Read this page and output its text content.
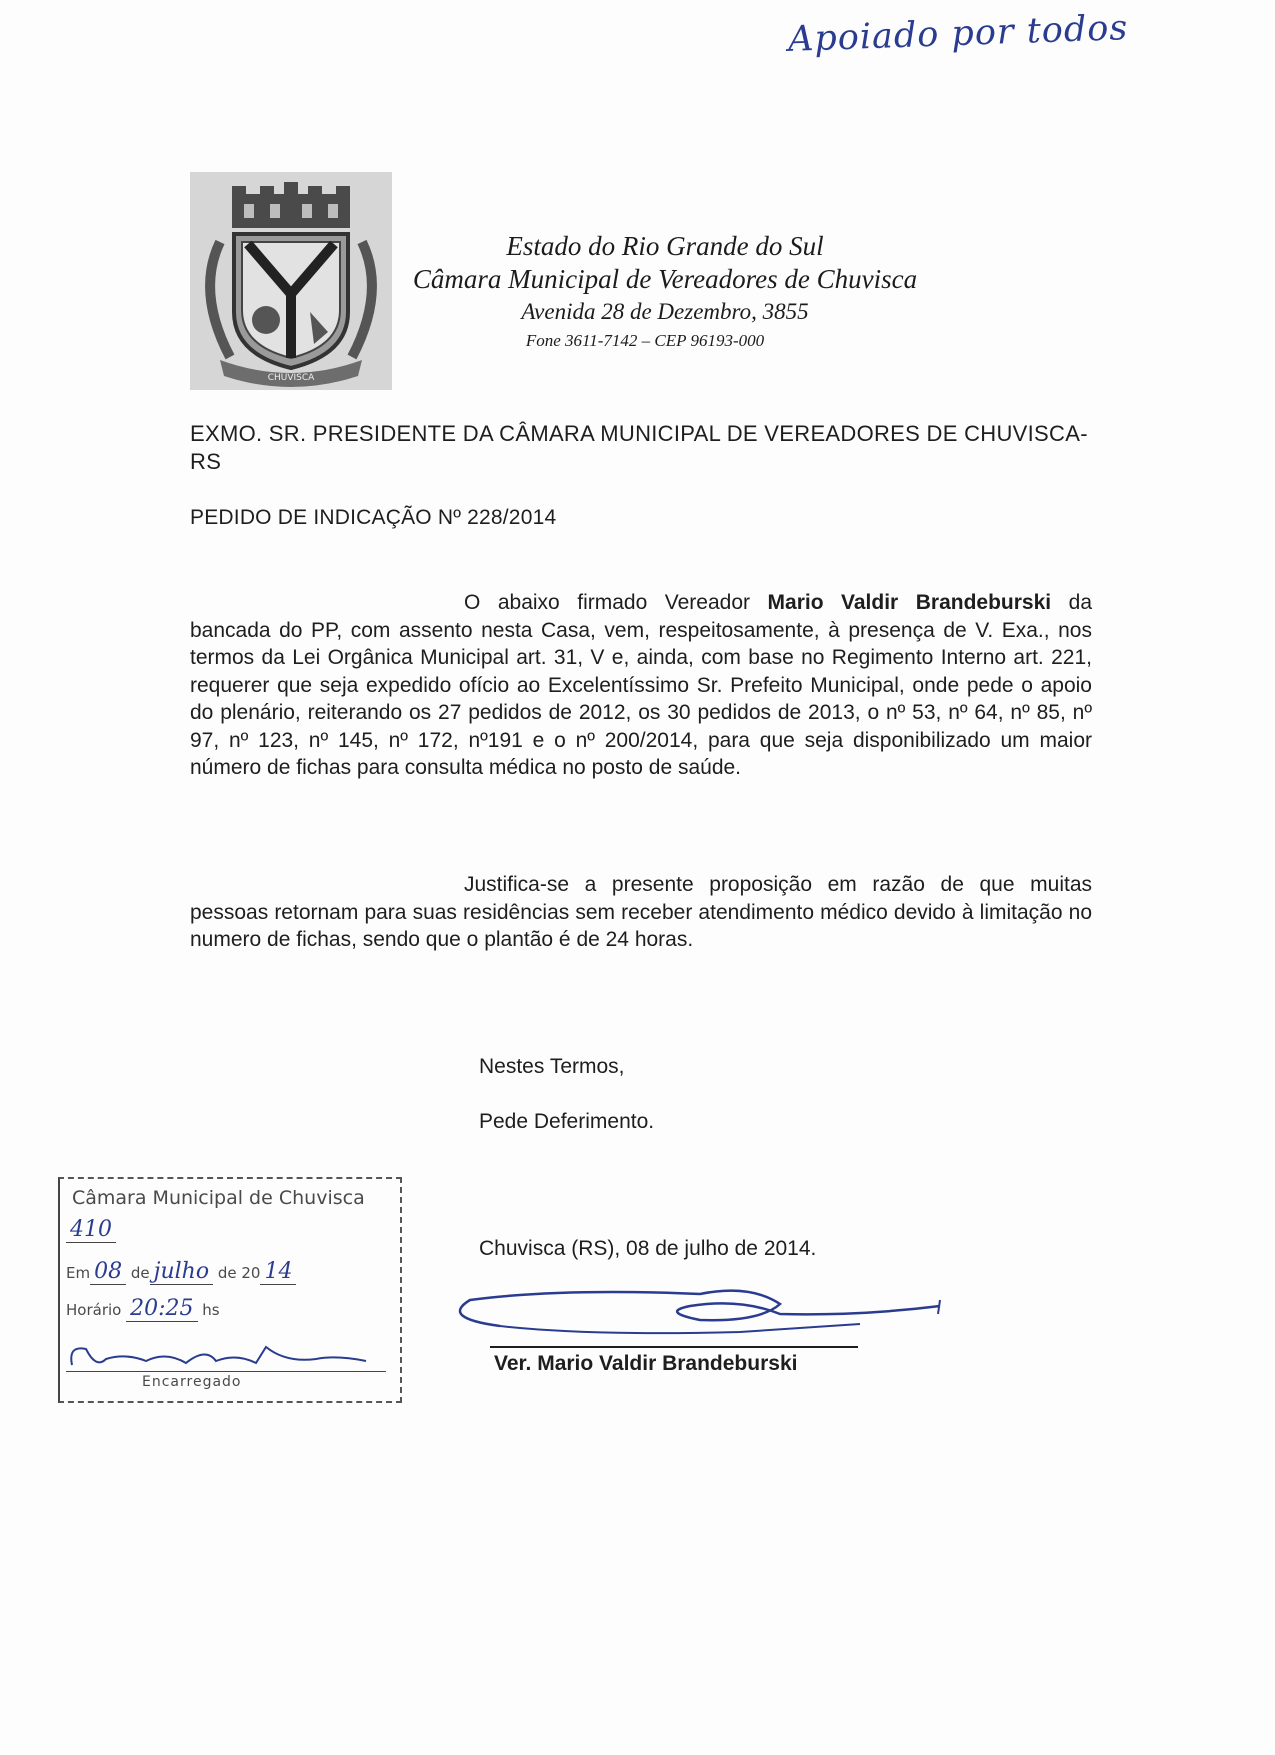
Apoiado por todos
CHUVISCA
Estado do Rio Grande do Sul
Câmara Municipal de Vereadores de Chuvisca
Avenida 28 de Dezembro, 3855
Fone 3611-7142 – CEP 96193-000
EXMO. SR. PRESIDENTE DA CÂMARA MUNICIPAL DE VEREADORES DE CHUVISCA-RS
PEDIDO DE INDICAÇÃO Nº 228/2014
O abaixo firmado Vereador Mario Valdir Brandeburski da bancada do PP, com assento nesta Casa, vem, respeitosamente, à presença de V. Exa., nos termos da Lei Orgânica Municipal art. 31, V e, ainda, com base no Regimento Interno art. 221, requerer que seja expedido ofício ao Excelentíssimo Sr. Prefeito Municipal, onde pede o apoio do plenário, reiterando os 27 pedidos de 2012, os 30 pedidos de 2013, o nº 53, nº 64, nº 85, nº 97, nº 123, nº 145, nº 172, nº191 e o nº 200/2014, para que seja disponibilizado um maior número de fichas para consulta médica no posto de saúde.
Justifica-se a presente proposição em razão de que muitas pessoas retornam para suas residências sem receber atendimento médico devido à limitação no numero de fichas, sendo que o plantão é de 24 horas.
Nestes Termos,
Pede Deferimento.
Chuvisca (RS), 08 de julho de 2014.
Ver. Mario Valdir Brandeburski
Câmara Municipal de Chuvisca
410
Em 08 de julho de 20 14
Horário 20:25 hs
Encarregado
